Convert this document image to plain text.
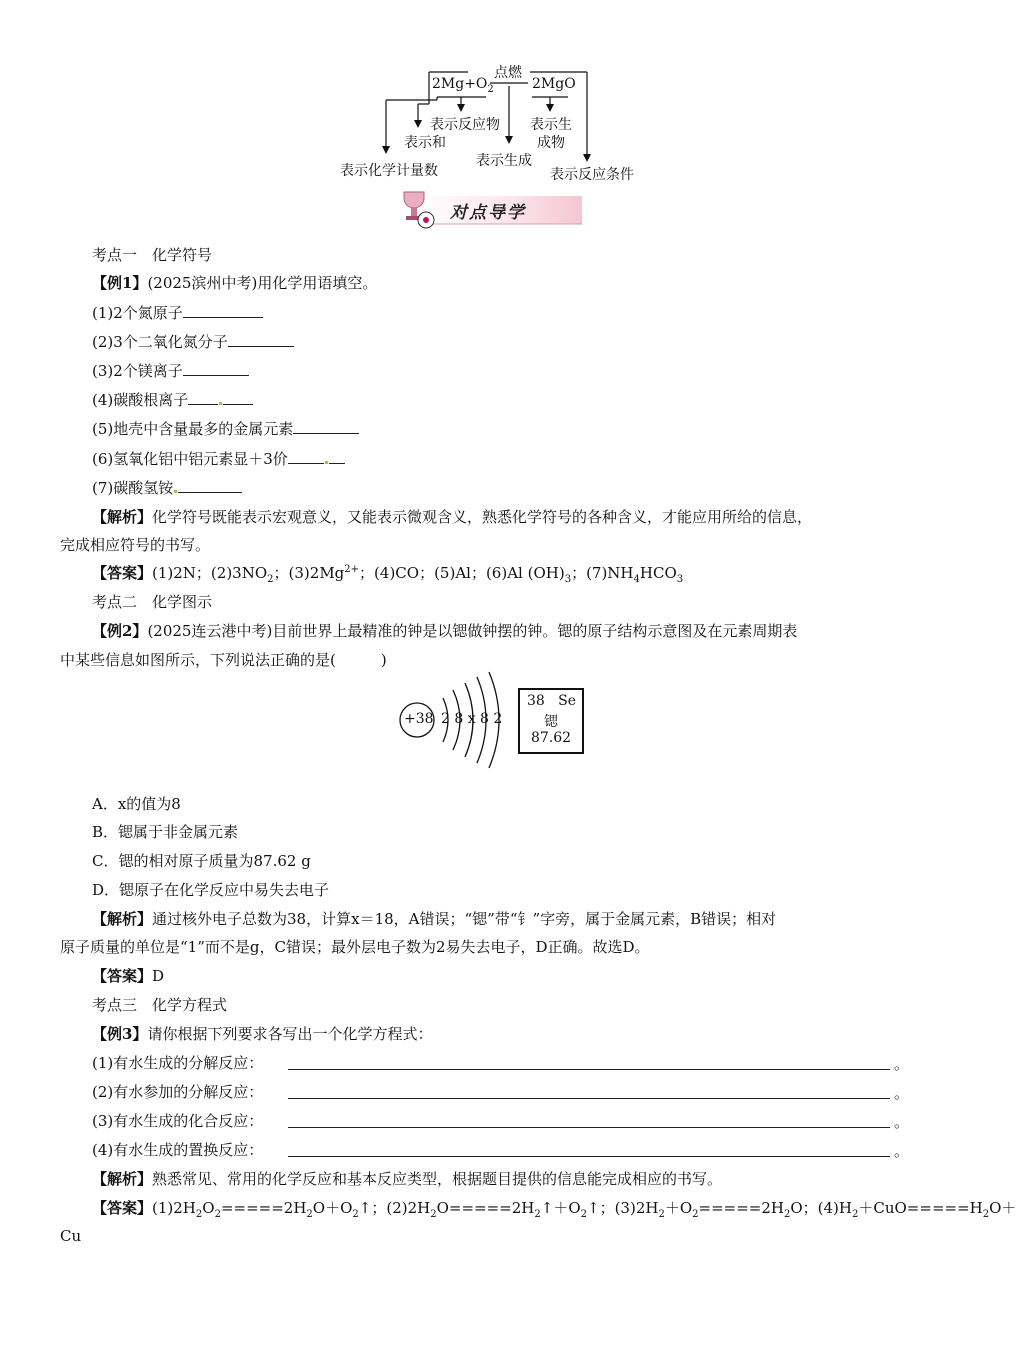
$2Mg+O_2$
点燃
2MgO
表示反应物
表示和
表示化学计量数
表示生成
表示生
成物
表示反应条件
对点导学
考点一　化学符号
【例1】(2025滨州中考)用化学用语填空。
(1)2个氮原子
(2)3个二氧化氮分子
(3)2个镁离子
(4)碳酸根离子
(5)地壳中含量最多的金属元素
(6)氢氧化铝中铝元素显＋3价
(7)碳酸氢铵
【解析】化学符号既能表示宏观意义，又能表示微观含义，熟悉化学符号的各种含义，才能应用所给的信息，
完成相应符号的书写。
【答案】(1)2N；$(2)3NO_2$；$(3)2Mg^{2+}$；(4)CO；(5)Al；(6)Al $(OH)_3$；$(7)NH_4HCO_3$
考点二　化学图示
【例2】(2025连云港中考)目前世界上最精准的钟是以锶做钟摆的钟。锶的原子结构示意图及在元素周期表
中某些信息如图所示，下列说法正确的是(　　　)
+38 2 8 x 8 2
38 Se
锶
87.62
A．x的值为8
B．锶属于非金属元素
C．锶的相对原子质量为87.62 g
D．锶原子在化学反应中易失去电子
【解析】通过核外电子总数为38，计算x＝18，A错误；“锶”带“钅”字旁，属于金属元素，B错误；相对
原子质量的单位是“1”而不是g，C错误；最外层电子数为2易失去电子，D正确。故选D。
【答案】D
考点三　化学方程式
【例3】请你根据下列要求各写出一个化学方程式：
(1)有水生成的分解反应：	。
(2)有水参加的分解反应：	。
(3)有水生成的化合反应：	。
(4)有水生成的置换反应：	。
【解析】熟悉常见、常用的化学反应和基本反应类型，根据题目提供的信息能完成相应的书写。
【答案】$(1)2H_2O_2=====2H_2O+O_2↑$；$(2)2H_2O=====2H_2↑+O_2↑$；$(3)2H_2+O_2=====2H_2O$；$(4)H_2+CuO=====H_2O+$
Cu
